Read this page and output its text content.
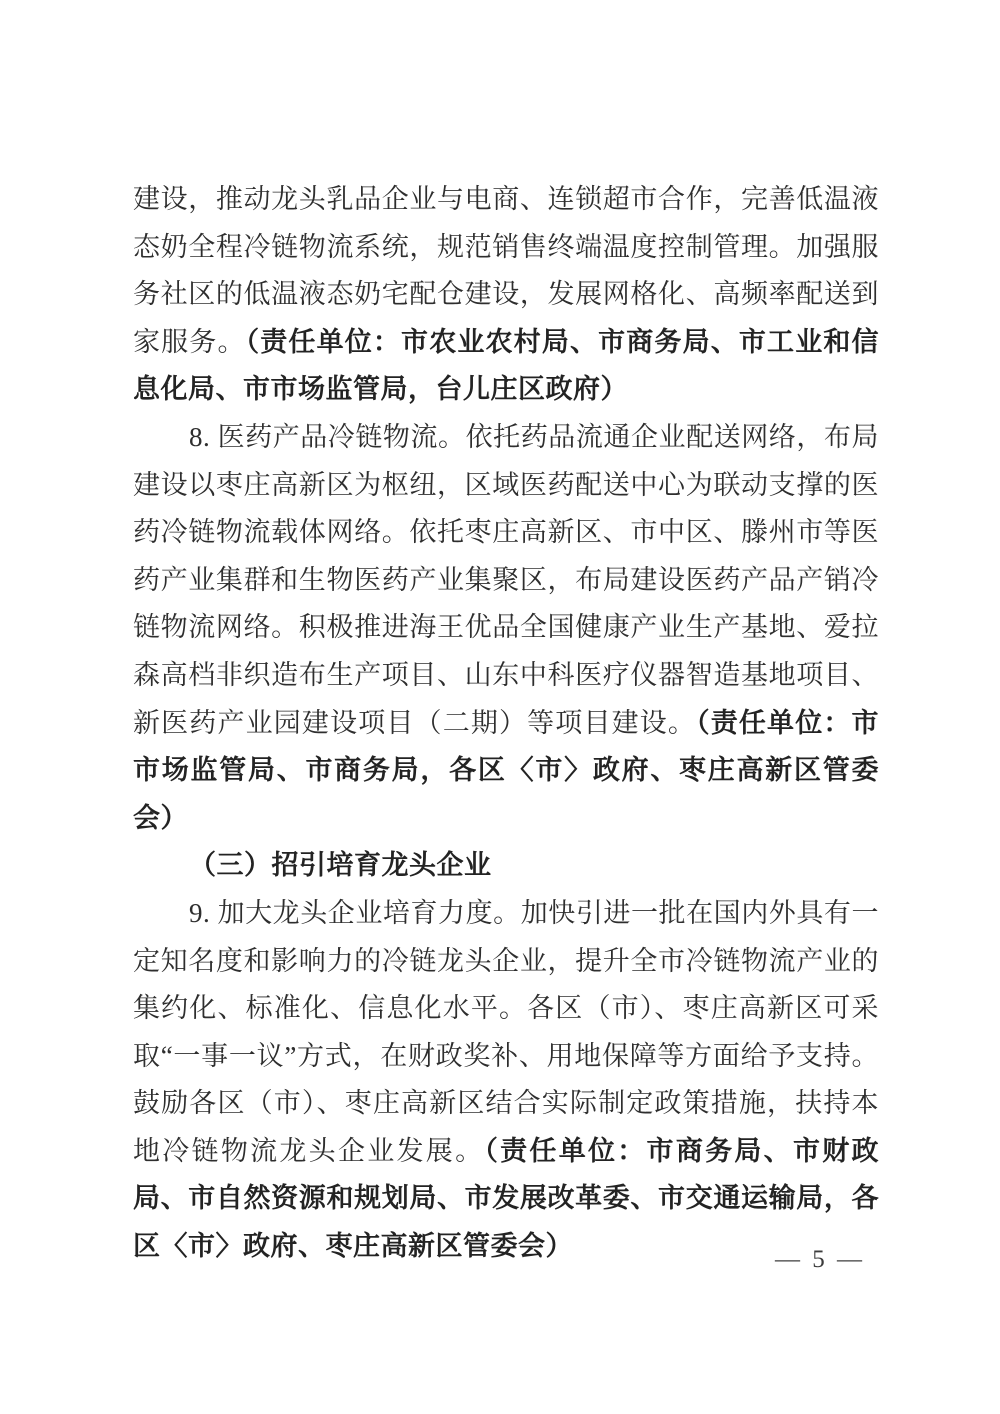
建设，推动龙头乳品企业与电商、连锁超市合作，完善低温液态奶全程冷链物流系统，规范销售终端温度控制管理。加强服务社区的低温液态奶宅配仓建设，发展网格化、高频率配送到家服务。（责任单位：市农业农村局、市商务局、市工业和信息化局、市市场监管局，台儿庄区政府）

8. 医药产品冷链物流。依托药品流通企业配送网络，布局建设以枣庄高新区为枢纽，区域医药配送中心为联动支撑的医药冷链物流载体网络。依托枣庄高新区、市中区、滕州市等医药产业集群和生物医药产业集聚区，布局建设医药产品产销冷链物流网络。积极推进海王优品全国健康产业生产基地、爱拉森高档非织造布生产项目、山东中科医疗仪器智造基地项目、新医药产业园建设项目（二期）等项目建设。（责任单位：市市场监管局、市商务局，各区〈市〉政府、枣庄高新区管委会）

（三）招引培育龙头企业

9. 加大龙头企业培育力度。加快引进一批在国内外具有一定知名度和影响力的冷链龙头企业，提升全市冷链物流产业的集约化、标准化、信息化水平。各区（市）、枣庄高新区可采取“一事一议”方式，在财政奖补、用地保障等方面给予支持。鼓励各区（市）、枣庄高新区结合实际制定政策措施，扶持本地冷链物流龙头企业发展。（责任单位：市商务局、市财政局、市自然资源和规划局、市发展改革委、市交通运输局，各区〈市〉政府、枣庄高新区管委会）	— 5 —
